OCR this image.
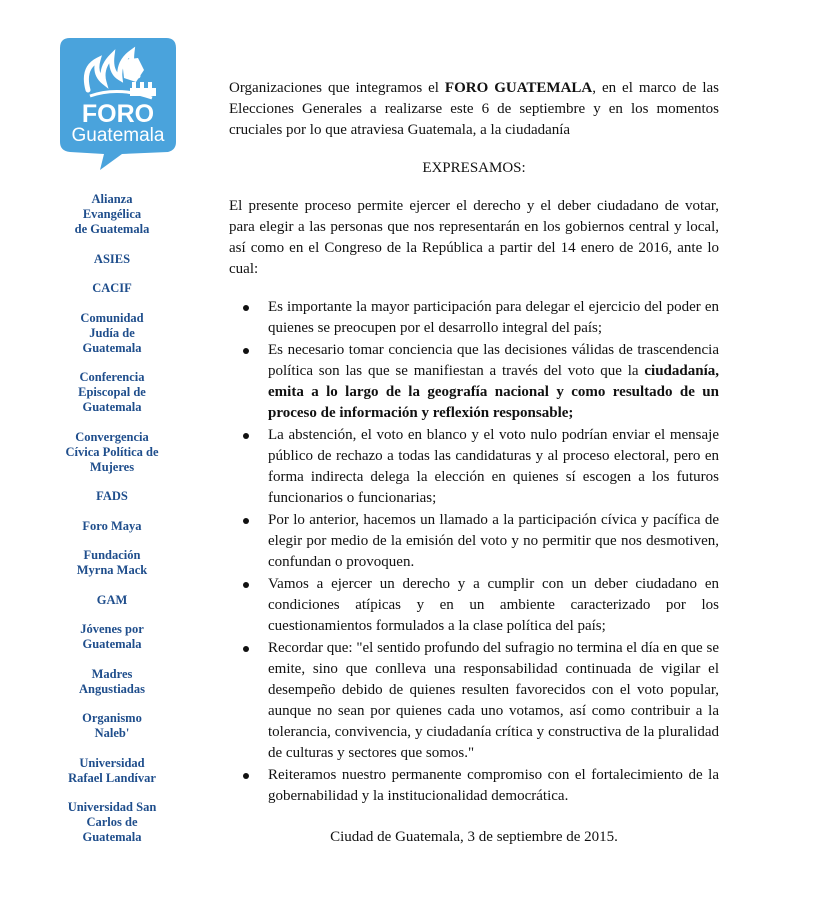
FORO
Guatemala
Alianza
Evangélica
de Guatemala
ASIES
CACIF
Comunidad
Judía de
Guatemala
Conferencia
Episcopal de
Guatemala
Convergencia
Cívica Política de
Mujeres
FADS
Foro Maya
Fundación
Myrna Mack
GAM
Jóvenes por
Guatemala
Madres
Angustiadas
Organismo
Naleb'
Universidad
Rafael Landívar
Universidad San
Carlos de
Guatemala

Organizaciones que integramos el FORO GUATEMALA, en el marco de las Elecciones Generales a realizarse este 6 de septiembre y en los momentos cruciales por lo que atraviesa Guatemala, a la ciudadanía

EXPRESAMOS:

El presente proceso permite ejercer el derecho y el deber ciudadano de votar, para elegir a las personas que nos representarán en los gobiernos central y local, así como en el Congreso de la República a partir del 14 enero de 2016, ante lo cual:

Es importante la mayor participación para delegar el ejercicio del poder en quienes se preocupen por el desarrollo integral del país;
Es necesario tomar conciencia que las decisiones válidas de trascendencia política son las que se manifiestan a través del voto que la ciudadanía, emita a lo largo de la geografía nacional y como resultado de un proceso de información y reflexión responsable;
La abstención, el voto en blanco y el voto nulo podrían enviar el mensaje público de rechazo a todas las candidaturas y al proceso electoral, pero en forma indirecta delega la elección en quienes sí escogen a los futuros funcionarios o funcionarias;
Por lo anterior, hacemos un llamado a la participación cívica y pacífica de elegir por medio de la emisión del voto y no permitir que nos desmotiven, confundan o provoquen.
Vamos a ejercer un derecho y a cumplir con un deber ciudadano en condiciones atípicas y en un ambiente caracterizado por los cuestionamientos formulados a la clase política del país;
Recordar que: "el sentido profundo del sufragio no termina el día en que se emite, sino que conlleva una responsabilidad continuada de vigilar el desempeño debido de quienes resulten favorecidos con el voto popular, aunque no sean por quienes cada uno votamos, así como contribuir a la tolerancia, convivencia, y ciudadanía crítica y constructiva de la pluralidad de culturas y sectores que somos."
Reiteramos nuestro permanente compromiso con el fortalecimiento de la gobernabilidad y la institucionalidad democrática.

Ciudad de Guatemala, 3 de septiembre de 2015.
